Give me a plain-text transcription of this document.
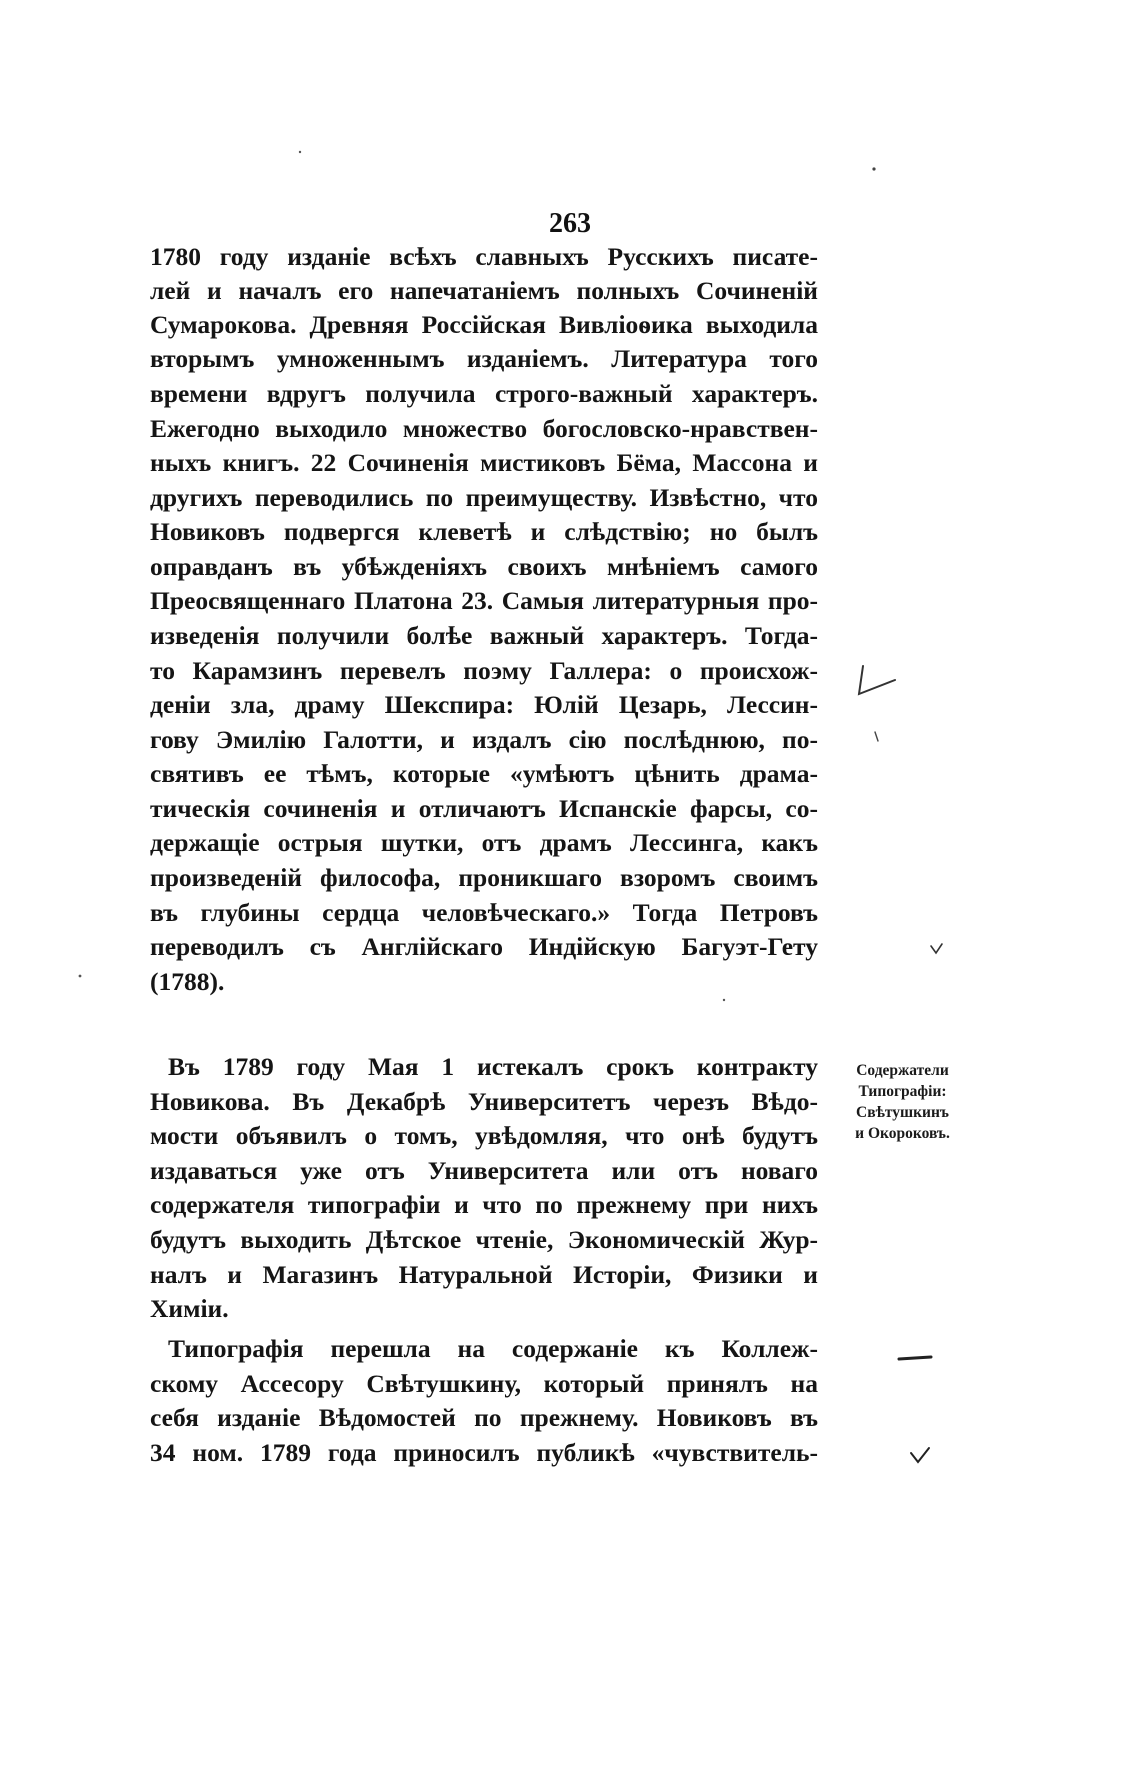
263
1780 году изданіе всѣхъ славныхъ Русскихъ писате-
лей и началъ его напечатаніемъ полныхъ Сочиненій
Сумарокова. Древняя Россійская Вивліоѳика выходила
вторымъ умноженнымъ изданіемъ. Литература того
времени вдругъ получила строго-важный характеръ.
Ежегодно выходило множество богословско-нравствен-
ныхъ книгъ. 22 Сочиненія мистиковъ Бёма, Массона и
другихъ переводились по преимуществу. Извѣстно, что
Новиковъ подвергся клеветѣ и слѣдствію; но былъ
оправданъ въ убѣжденіяхъ своихъ мнѣніемъ самого
Преосвященнаго Платона 23. Самыя литературныя про-
изведенія получили болѣе важный характеръ. Тогда-
то Карамзинъ перевелъ поэму Галлера: о происхож-
деніи зла, драму Шекспира: Юлій Цезарь, Лессин-
гову Эмилію Галотти, и издалъ сію послѣднюю, по-
святивъ ее тѣмъ, которые «умѣютъ цѣнить драма-
тическія сочиненія и отличаютъ Испанскіе фарсы, со-
держащіе острыя шутки, отъ драмъ Лессинга, какъ
произведеній философа, проникшаго взоромъ своимъ
въ глубины сердца человѣческаго.» Тогда Петровъ
переводилъ съ Англійскаго Индійскую Багуэт-Гету
(1788).
Въ 1789 году Мая 1 истекалъ срокъ контракту
Новикова. Въ Декабрѣ Университетъ черезъ Вѣдо-
мости объявилъ о томъ, увѣдомляя, что онѣ будутъ
издаваться уже отъ Университета или отъ новаго
содержателя типографіи и что по прежнему при нихъ
будутъ выходить Дѣтское чтеніе, Экономическій Жур-
налъ и Магазинъ Натуральной Исторіи, Физики и
Химіи.
Типографія перешла на содержаніе къ Коллеж-
скому Ассесору Свѣтушкину, который принялъ на
себя изданіе Вѣдомостей по прежнему. Новиковъ въ
34 ном. 1789 года приносилъ публикѣ «чувствитель-
Содержатели
Типографіи:
Свѣтушкинъ
и Окороковъ.
